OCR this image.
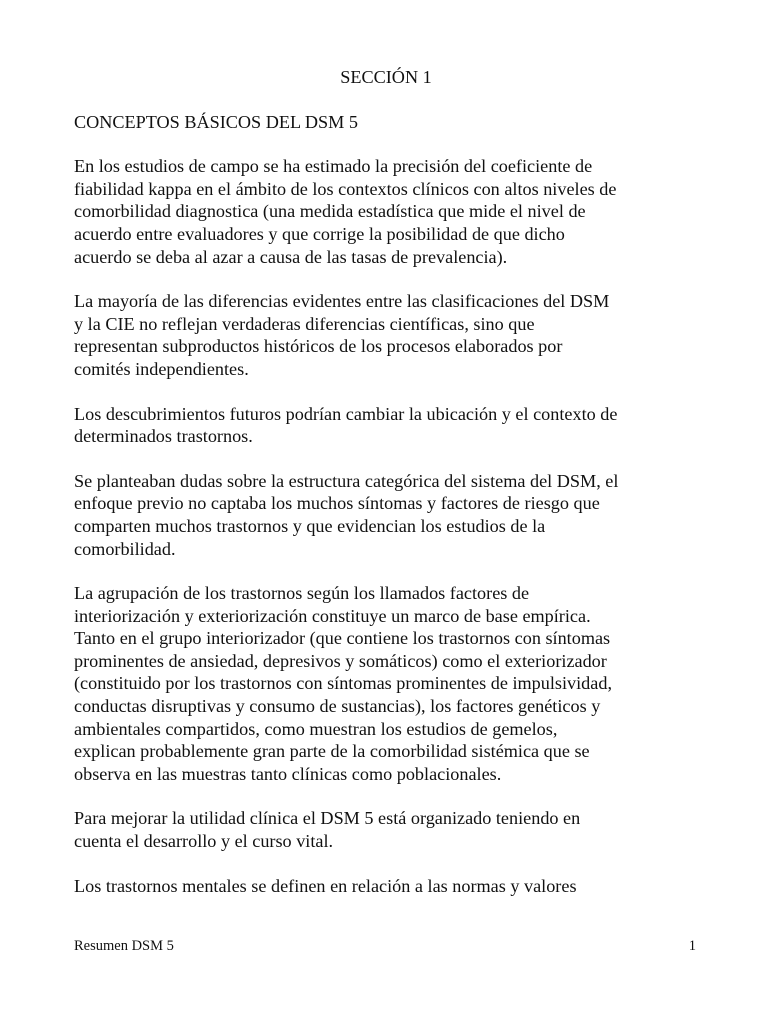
SECCIÓN 1
CONCEPTOS BÁSICOS DEL DSM 5
En los estudios de campo se ha estimado la precisión del coeficiente de
fiabilidad kappa en el ámbito de los contextos clínicos con altos niveles de
comorbilidad diagnostica (una medida estadística que mide el nivel de
acuerdo entre evaluadores y que corrige la posibilidad de que dicho
acuerdo se deba al azar a causa de las tasas de prevalencia).
La mayoría de las diferencias evidentes entre las clasificaciones del DSM
y la CIE no reflejan verdaderas diferencias científicas, sino que
representan subproductos históricos de los procesos elaborados por
comités independientes.
Los descubrimientos futuros podrían cambiar la ubicación y el contexto de
determinados trastornos.
Se planteaban dudas sobre la estructura categórica del sistema del DSM, el
enfoque previo no captaba los muchos síntomas y factores de riesgo que
comparten muchos trastornos y que evidencian los estudios de la
comorbilidad.
La agrupación de los trastornos según los llamados factores de
interiorización y exteriorización constituye un marco de base empírica.
Tanto en el grupo interiorizador (que contiene los trastornos con síntomas
prominentes de ansiedad, depresivos y somáticos) como el exteriorizador
(constituido por los trastornos con síntomas prominentes de impulsividad,
conductas disruptivas y consumo de sustancias), los factores genéticos y
ambientales compartidos, como muestran los estudios de gemelos,
explican probablemente gran parte de la comorbilidad sistémica que se
observa en las muestras tanto clínicas como poblacionales.
Para mejorar la utilidad clínica el DSM 5 está organizado teniendo en
cuenta el desarrollo y el curso vital.
Los trastornos mentales se definen en relación a las normas y valores
Resumen DSM 5	1
